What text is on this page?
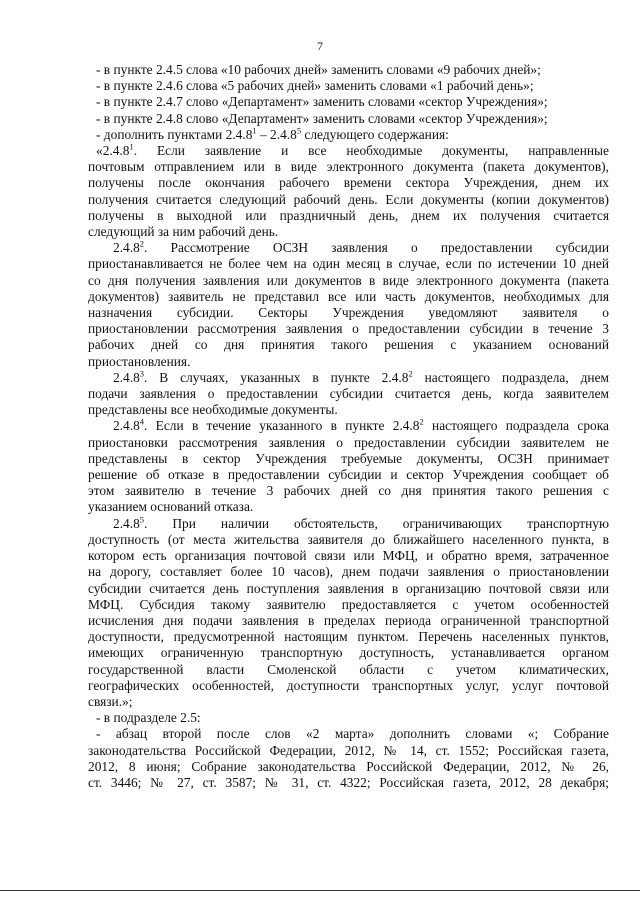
7
- в пункте 2.4.5 слова «10 рабочих дней» заменить словами «9 рабочих дней»;
- в пункте 2.4.6 слова «5 рабочих дней» заменить словами «1 рабочий день»;
- в пункте 2.4.7 слово «Департамент» заменить словами «сектор Учреждения»;
- в пункте 2.4.8 слово «Департамент» заменить словами «сектор Учреждения»;
- дополнить пунктами 2.4.8$^1$ – 2.4.8$^5$ следующего содержания:
«2.4.8$^1$. Если заявление и все необходимые документы, направленные
почтовым отправлением или в виде электронного документа (пакета документов),
получены после окончания рабочего времени сектора Учреждения, днем их
получения считается следующий рабочий день. Если документы (копии документов)
получены в выходной или праздничный день, днем их получения считается
следующий за ним рабочий день.
2.4.8$^2$. Рассмотрение ОСЗН заявления о предоставлении субсидии
приостанавливается не более чем на один месяц в случае, если по истечении 10 дней
со дня получения заявления или документов в виде электронного документа (пакета
документов) заявитель не представил все или часть документов, необходимых для
назначения субсидии. Секторы Учреждения уведомляют заявителя о
приостановлении рассмотрения заявления о предоставлении субсидии в течение 3
рабочих дней со дня принятия такого решения с указанием оснований
приостановления.
2.4.8$^3$. В случаях, указанных в пункте 2.4.8$^2$ настоящего подраздела, днем
подачи заявления о предоставлении субсидии считается день, когда заявителем
представлены все необходимые документы.
2.4.8$^4$. Если в течение указанного в пункте 2.4.8$^2$ настоящего подраздела срока
приостановки рассмотрения заявления о предоставлении субсидии заявителем не
представлены в сектор Учреждения требуемые документы, ОСЗН принимает
решение об отказе в предоставлении субсидии и сектор Учреждения сообщает об
этом заявителю в течение 3 рабочих дней со дня принятия такого решения с
указанием оснований отказа.
2.4.8$^5$. При наличии обстоятельств, ограничивающих транспортную
доступность (от места жительства заявителя до ближайшего населенного пункта, в
котором есть организация почтовой связи или МФЦ, и обратно время, затраченное
на дорогу, составляет более 10 часов), днем подачи заявления о приостановлении
субсидии считается день поступления заявления в организацию почтовой связи или
МФЦ. Субсидия такому заявителю предоставляется с учетом особенностей
исчисления дня подачи заявления в пределах периода ограниченной транспортной
доступности, предусмотренной настоящим пунктом. Перечень населенных пунктов,
имеющих ограниченную транспортную доступность, устанавливается органом
государственной власти Смоленской области с учетом климатических,
географических особенностей, доступности транспортных услуг, услуг почтовой
связи.»;
- в подразделе 2.5:
- абзац второй после слов «2 марта» дополнить словами «; Собрание
законодательства Российской Федерации, 2012, № 14, ст. 1552; Российская газета,
2012, 8 июня; Собрание законодательства Российской Федерации, 2012, № 26,
ст. 3446; № 27, ст. 3587; № 31, ст. 4322; Российская газета, 2012, 28 декабря;
